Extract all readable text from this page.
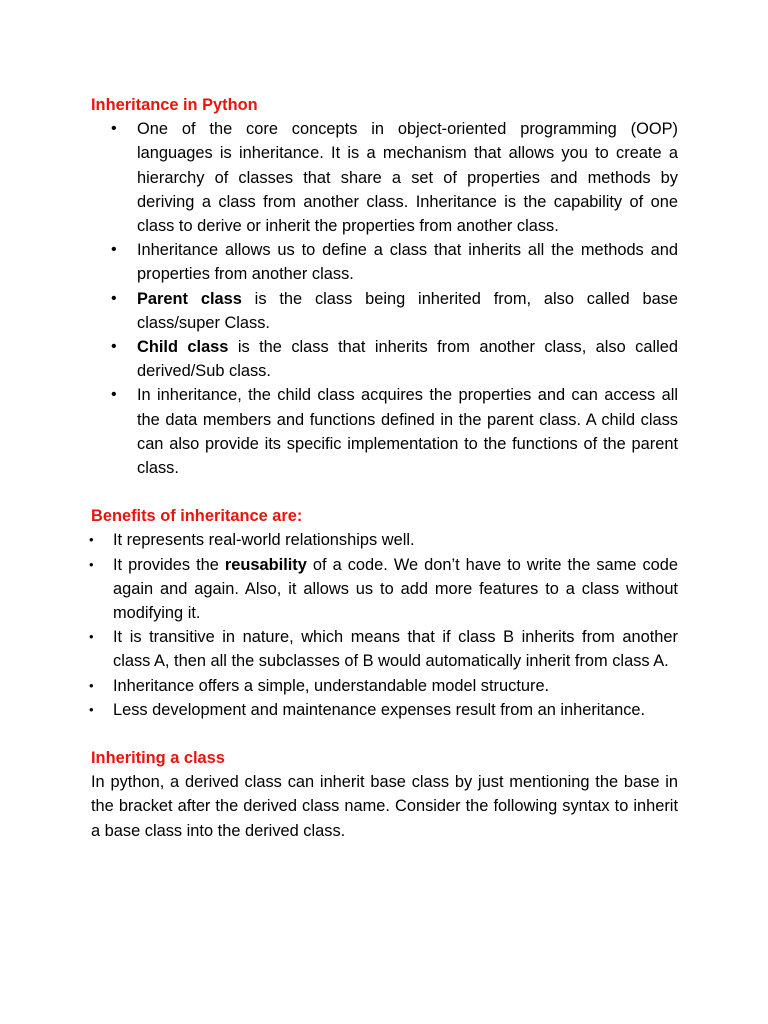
Inheritance in Python
• One of the core concepts in object-oriented programming (OOP) languages is inheritance. It is a mechanism that allows you to create a hierarchy of classes that share a set of properties and methods by deriving a class from another class. Inheritance is the capability of one class to derive or inherit the properties from another class.
• Inheritance allows us to define a class that inherits all the methods and properties from another class.
• Parent class is the class being inherited from, also called base class/super Class.
• Child class is the class that inherits from another class, also called derived/Sub class.
• In inheritance, the child class acquires the properties and can access all the data members and functions defined in the parent class. A child class can also provide its specific implementation to the functions of the parent class.
Benefits of inheritance are:
• It represents real-world relationships well.
• It provides the reusability of a code. We don’t have to write the same code again and again. Also, it allows us to add more features to a class without modifying it.
• It is transitive in nature, which means that if class B inherits from another class A, then all the subclasses of B would automatically inherit from class A.
• Inheritance offers a simple, understandable model structure.
• Less development and maintenance expenses result from an inheritance.
Inheriting a class

In python, a derived class can inherit base class by just mentioning the base in the bracket after the derived class name. Consider the following syntax to inherit a base class into the derived class.
